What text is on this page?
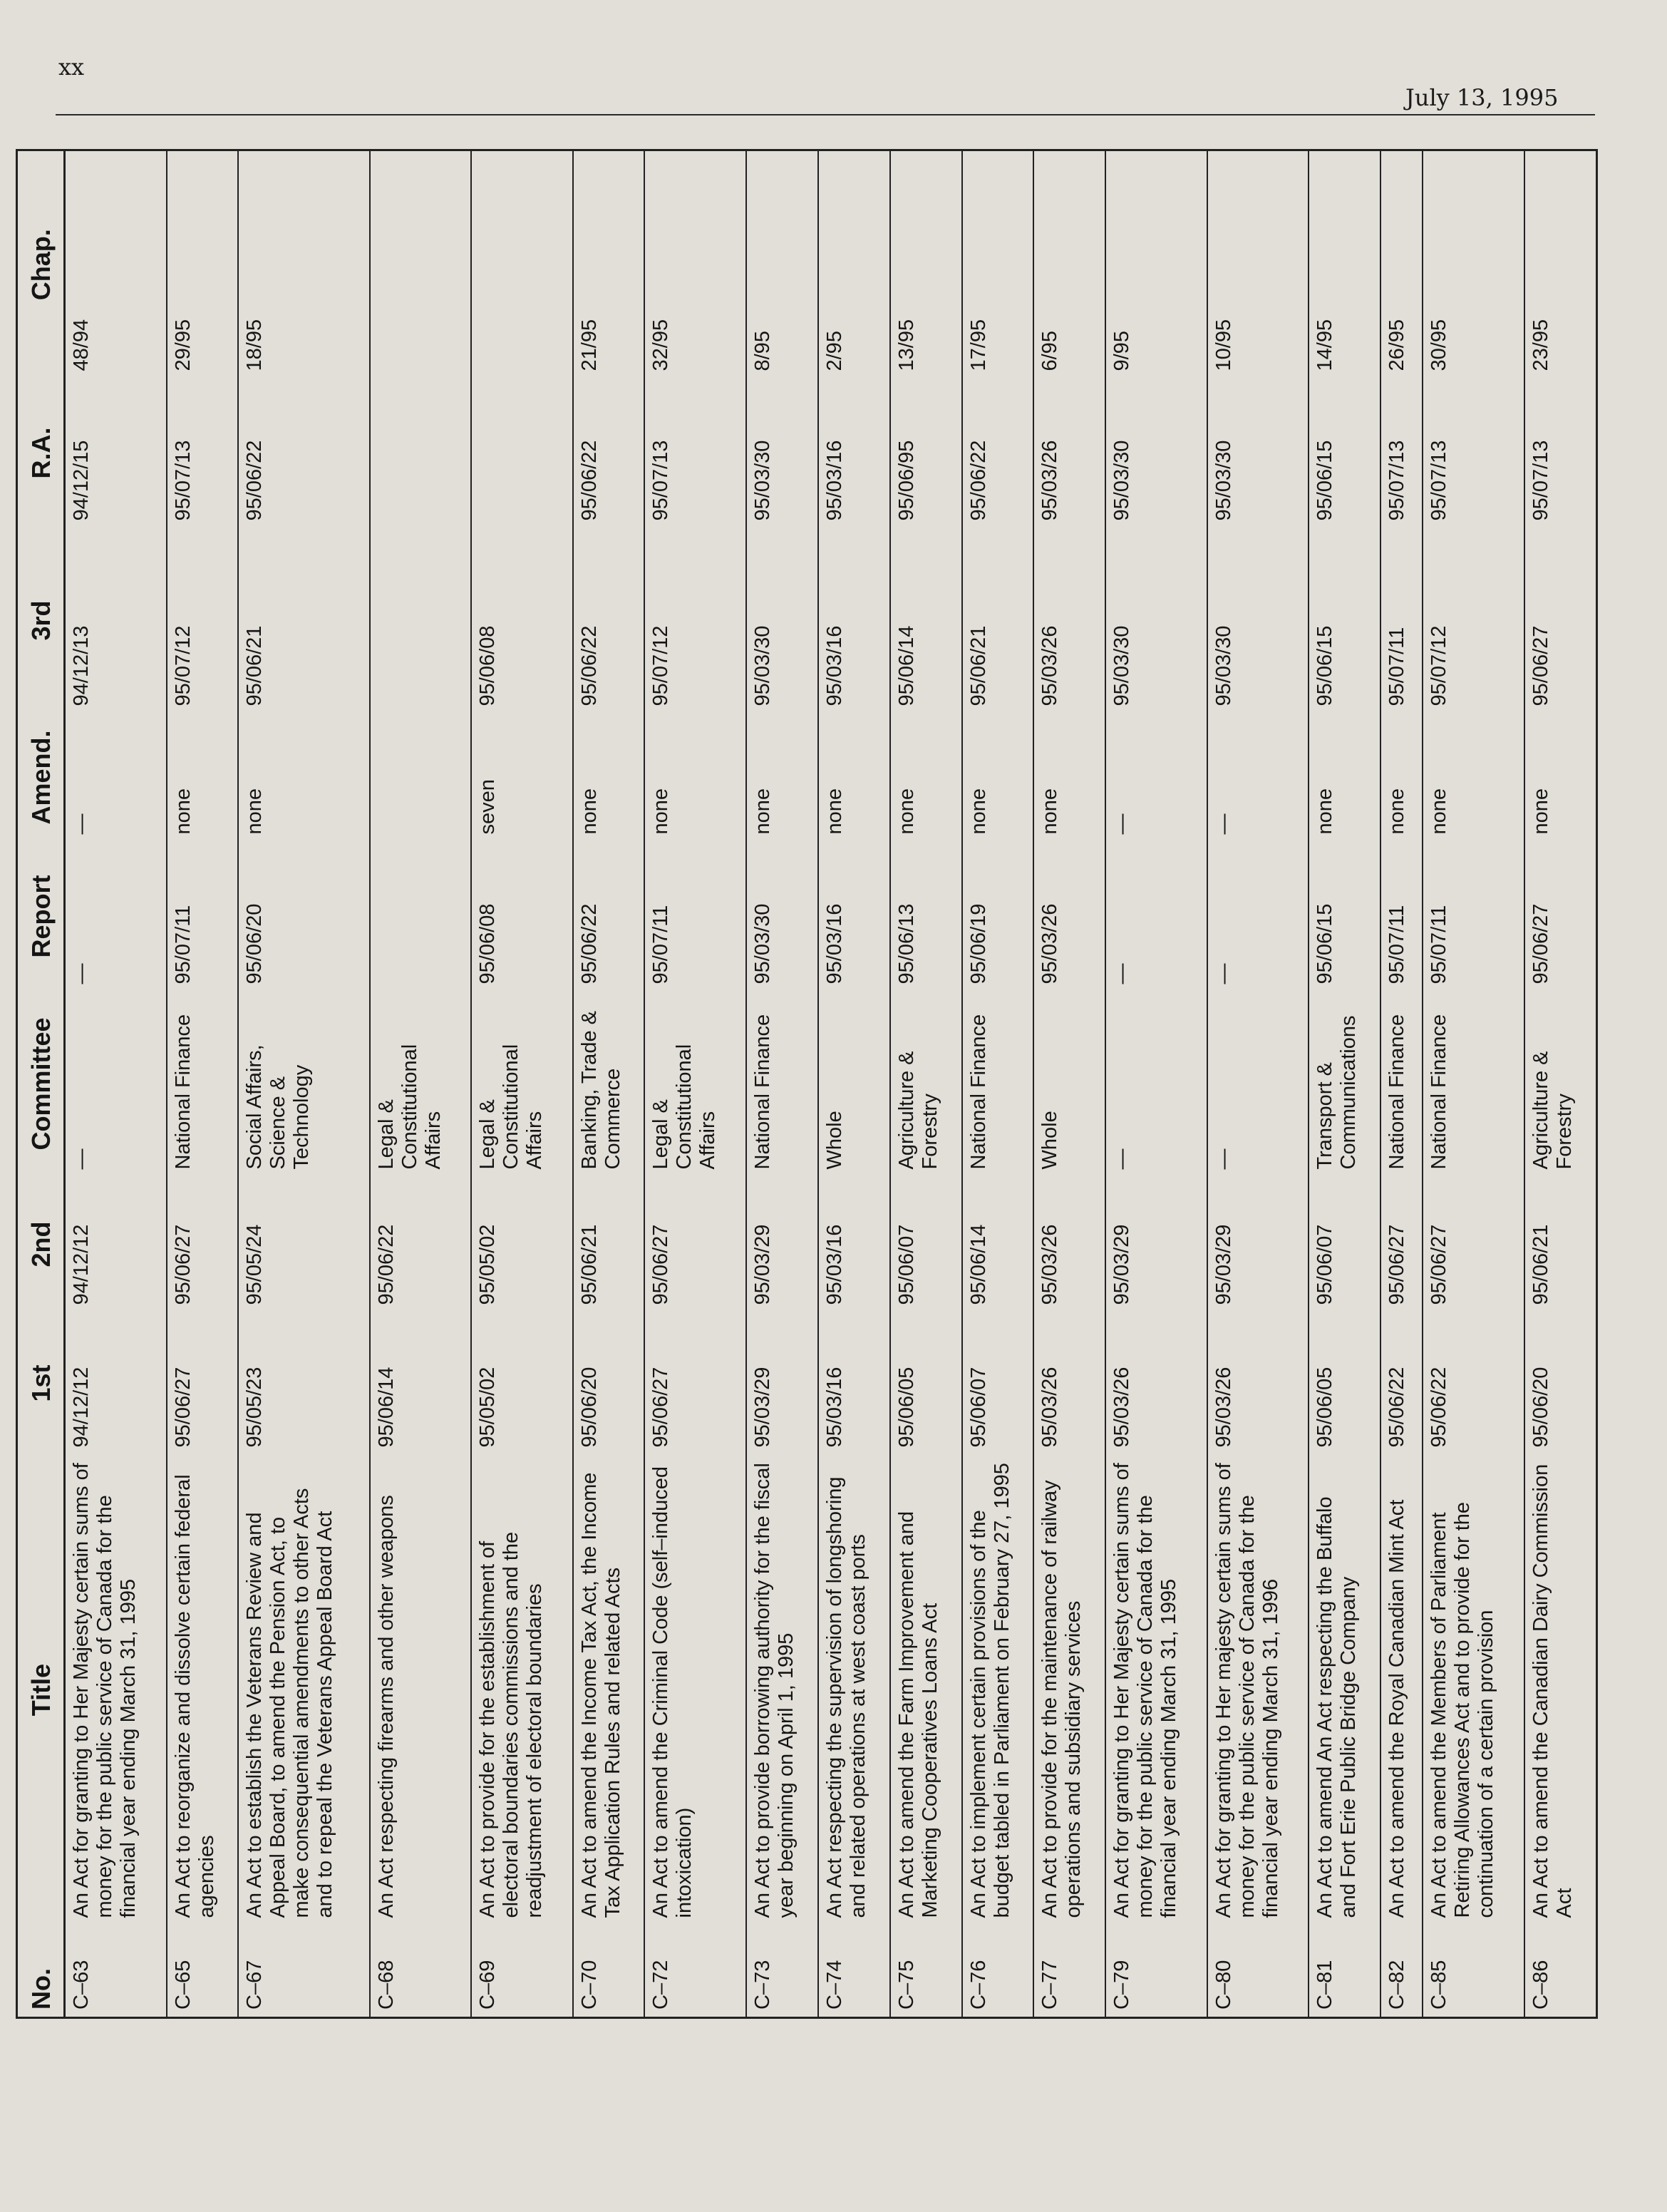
xx
July 13, 1995
No.	Title	1st	2nd	Committee	Report	Amend.	3rd	R.A.	Chap.
C–63	An Act for granting to Her Majesty certain sums of money for the public service of Canada for the financial year ending March 31, 1995	94/12/12	94/12/12	—	—	—	94/12/13	94/12/15	48/94
C–65	An Act to reorganize and dissolve certain federal agencies	95/06/27	95/06/27	National Finance	95/07/11	none	95/07/12	95/07/13	29/95
C–67	An Act to establish the Veterans Review and Appeal Board, to amend the Pension Act, to make consequential amendments to other Acts and to repeal the Veterans Appeal Board Act	95/05/23	95/05/24	Social Affairs, Science & Technology	95/06/20	none	95/06/21	95/06/22	18/95
C–68	An Act respecting firearms and other weapons	95/06/14	95/06/22	Legal & Constitutional Affairs					
C–69	An Act to provide for the establishment of electoral boundaries commissions and the readjustment of electoral boundaries	95/05/02	95/05/02	Legal & Constitutional Affairs	95/06/08	seven	95/06/08		
C–70	An Act to amend the Income Tax Act, the Income Tax Application Rules and related Acts	95/06/20	95/06/21	Banking, Trade & Commerce	95/06/22	none	95/06/22	95/06/22	21/95
C–72	An Act to amend the Criminal Code (self–induced intoxication)	95/06/27	95/06/27	Legal & Constitutional Affairs	95/07/11	none	95/07/12	95/07/13	32/95
C–73	An Act to provide borrowing authority for the fiscal year beginning on April 1, 1995	95/03/29	95/03/29	National Finance	95/03/30	none	95/03/30	95/03/30	8/95
C–74	An Act respecting the supervision of longshoring and related operations at west coast ports	95/03/16	95/03/16	Whole	95/03/16	none	95/03/16	95/03/16	2/95
C–75	An Act to amend the Farm Improvement and Marketing Cooperatives Loans Act	95/06/05	95/06/07	Agriculture & Forestry	95/06/13	none	95/06/14	95/06/95	13/95
C–76	An Act to implement certain provisions of the budget tabled in Parliament on February 27, 1995	95/06/07	95/06/14	National Finance	95/06/19	none	95/06/21	95/06/22	17/95
C–77	An Act to provide for the maintenance of railway operations and subsidiary services	95/03/26	95/03/26	Whole	95/03/26	none	95/03/26	95/03/26	6/95
C–79	An Act for granting to Her Majesty certain sums of money for the public service of Canada for the financial year ending March 31, 1995	95/03/26	95/03/29	—	—	—	95/03/30	95/03/30	9/95
C–80	An Act for granting to Her majesty certain sums of money for the public service of Canada for the financial year ending March 31, 1996	95/03/26	95/03/29	—	—	—	95/03/30	95/03/30	10/95
C–81	An Act to amend An Act respecting the Buffalo and Fort Erie Public Bridge Company	95/06/05	95/06/07	Transport & Communications	95/06/15	none	95/06/15	95/06/15	14/95
C–82	An Act to amend the Royal Canadian Mint Act	95/06/22	95/06/27	National Finance	95/07/11	none	95/07/11	95/07/13	26/95
C–85	An Act to amend the Members of Parliament Retiring Allowances Act and to provide for the continuation of a certain provision	95/06/22	95/06/27	National Finance	95/07/11	none	95/07/12	95/07/13	30/95
C–86	An Act to amend the Canadian Dairy Commission Act	95/06/20	95/06/21	Agriculture & Forestry	95/06/27	none	95/06/27	95/07/13	23/95
